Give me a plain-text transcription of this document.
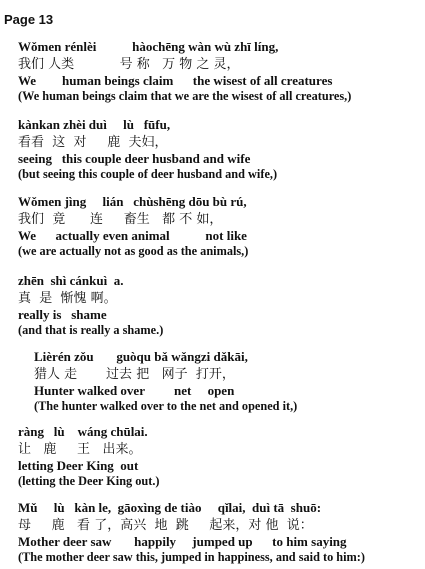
Page 13
Wǒmen rénlèi           hàochēng wàn wù zhī líng,
我们 人类           号 称   万 物 之 灵，
We        human beings claim      the wisest of all creatures
(We human beings claim that we are the wisest of all creatures,)
kànkan zhèi duì     lù   fūfu,
看看  这  对     鹿  夫妇，
seeing   this couple deer husband and wife
(but seeing this couple of deer husband and wife,)
Wǒmen jìng     lián   chùshēng dōu bù rú,
我们  竟      连     畜生   都 不 如，
We      actually even animal           not like
(we are actually not as good as the animals,)
zhēn  shì cánkuì  a.
真  是  惭愧 啊。
really is   shame
(and that is really a shame.)
Lièrén zǒu       guòqu bǎ wǎngzi dǎkāi,
猎人 走       过去 把   网子  打开，
Hunter walked over         net     open
(The hunter walked over to the net and opened it,)
ràng   lù    wáng chūlai.
让   鹿     王   出来。
letting Deer King  out
(letting the Deer King out.)
Mǔ     lù   kàn le,  gāoxìng de tiào     qǐlai,  duì tā  shuō:
母     鹿   看 了，高兴  地  跳     起来，对 他  说：
Mother deer saw       happily     jumped up      to him saying
(The mother deer saw this, jumped in happiness, and said to him:)
